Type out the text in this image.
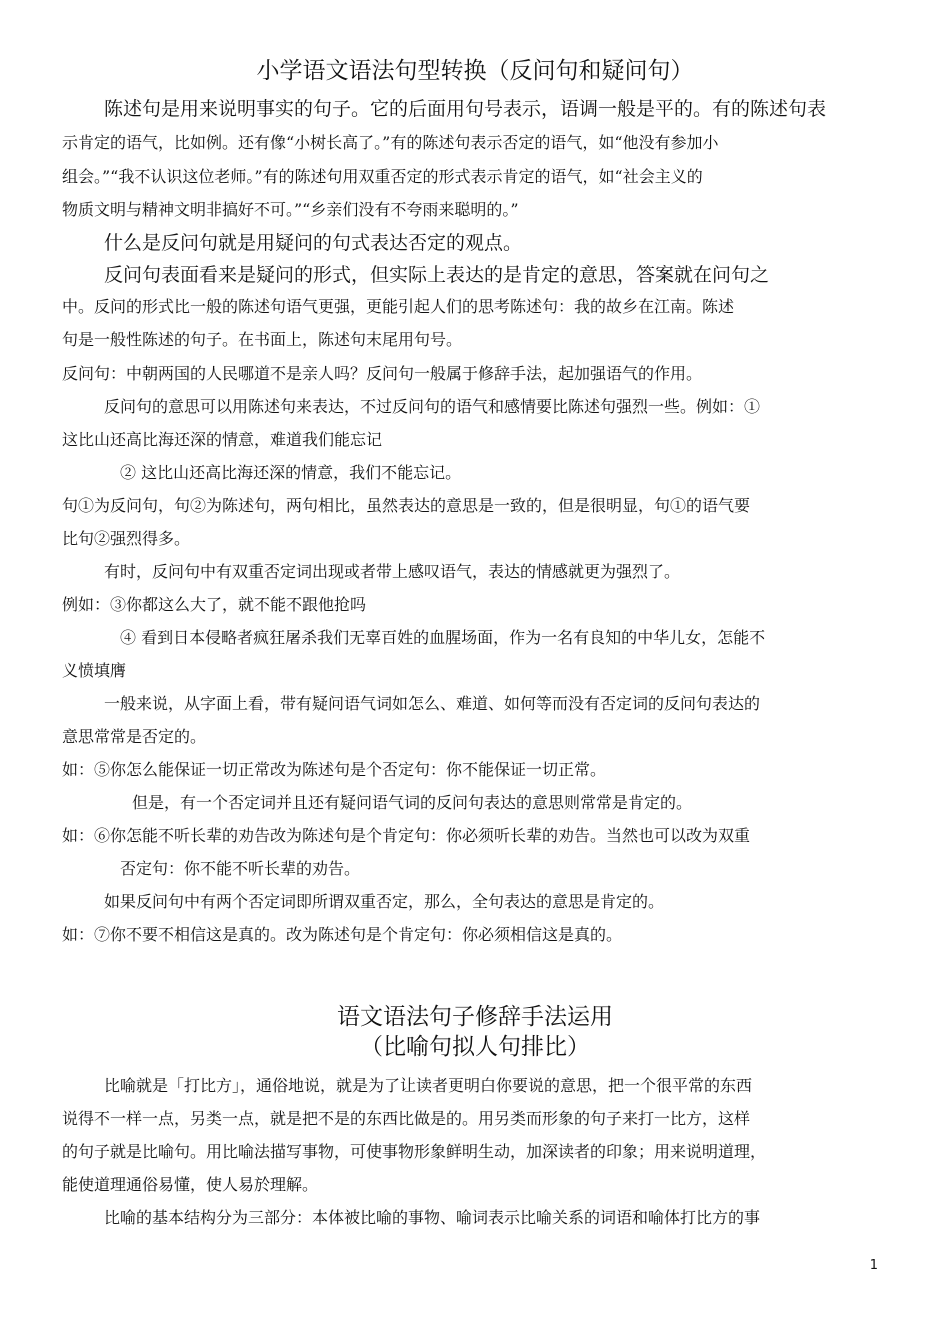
小学语文语法句型转换（反问句和疑问句）
陈述句是用来说明事实的句子。它的后面用句号表示，语调一般是平的。有的陈述句表
示肯定的语气，比如例。还有像“小树长高了。”有的陈述句表示否定的语气，如“他没有参加小
组会。”“我不认识这位老师。”有的陈述句用双重否定的形式表示肯定的语气，如“社会主义的
物质文明与精神文明非搞好不可。”“乡亲们没有不夸雨来聪明的。”
什么是反问句就是用疑问的句式表达否定的观点。
反问句表面看来是疑问的形式，但实际上表达的是肯定的意思，答案就在问句之
中。反问的形式比一般的陈述句语气更强，更能引起人们的思考陈述句：我的故乡在江南。陈述
句是一般性陈述的句子。在书面上，陈述句末尾用句号。
反问句：中朝两国的人民哪道不是亲人吗？反问句一般属于修辞手法，起加强语气的作用。
反问句的意思可以用陈述句来表达，不过反问句的语气和感情要比陈述句强烈一些。例如：①
这比山还高比海还深的情意，难道我们能忘记
② 这比山还高比海还深的情意，我们不能忘记。
句①为反问句，句②为陈述句，两句相比，虽然表达的意思是一致的，但是很明显，句①的语气要
比句②强烈得多。
有时，反问句中有双重否定词出现或者带上感叹语气，表达的情感就更为强烈了。
例如：③你都这么大了，就不能不跟他抢吗
④ 看到日本侵略者疯狂屠杀我们无辜百姓的血腥场面，作为一名有良知的中华儿女，怎能不
义愤填膺
一般来说，从字面上看，带有疑问语气词如怎么、难道、如何等而没有否定词的反问句表达的
意思常常是否定的。
如：⑤你怎么能保证一切正常改为陈述句是个否定句：你不能保证一切正常。
但是，有一个否定词并且还有疑问语气词的反问句表达的意思则常常是肯定的。
如：⑥你怎能不听长辈的劝告改为陈述句是个肯定句：你必须听长辈的劝告。当然也可以改为双重
否定句：你不能不听长辈的劝告。
如果反问句中有两个否定词即所谓双重否定，那么，全句表达的意思是肯定的。
如：⑦你不要不相信这是真的。改为陈述句是个肯定句：你必须相信这是真的。
语文语法句子修辞手法运用
（比喻句拟人句排比）
比喻就是「打比方」，通俗地说，就是为了让读者更明白你要说的意思，把一个很平常的东西
说得不一样一点，另类一点，就是把不是的东西比做是的。用另类而形象的句子来打一比方，这样
的句子就是比喻句。用比喻法描写事物，可使事物形象鲜明生动，加深读者的印象；用来说明道理，
能使道理通俗易懂，使人易於理解。
比喻的基本结构分为三部分：本体被比喻的事物、喻词表示比喻关系的词语和喻体打比方的事
1
